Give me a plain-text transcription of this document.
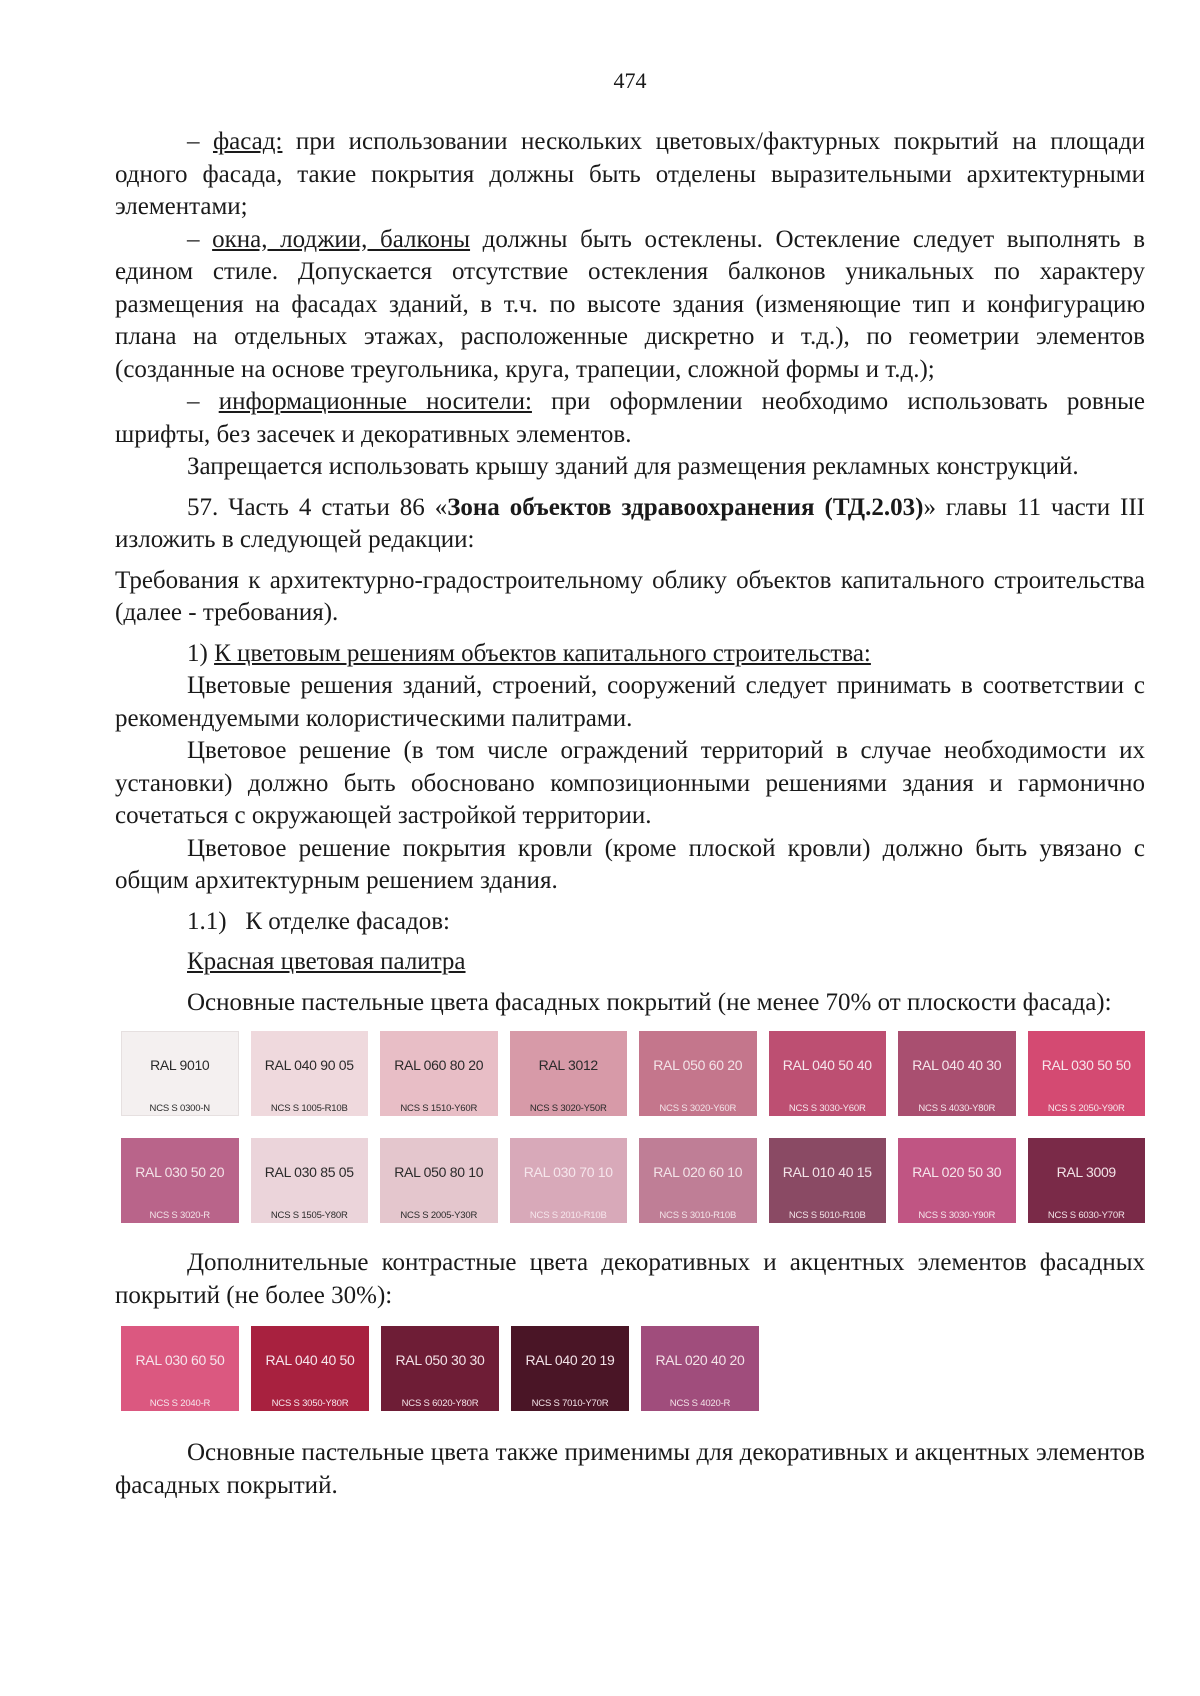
474

– фасад: при использовании нескольких цветовых/фактурных покрытий на площади одного фасада, такие покрытия должны быть отделены выразительными архитектурными элементами;

– окна, лоджии, балконы должны быть остеклены. Остекление следует выполнять в едином стиле. Допускается отсутствие остекления балконов уникальных по характеру размещения на фасадах зданий, в т.ч. по высоте здания (изменяющие тип и конфигурацию плана на отдельных этажах, расположенные дискретно и т.д.), по геометрии элементов (созданные на основе треугольника, круга, трапеции, сложной формы и т.д.);

– информационные носители: при оформлении необходимо использовать ровные шрифты, без засечек и декоративных элементов.

Запрещается использовать крышу зданий для размещения рекламных конструкций.

57. Часть 4 статьи 86 «Зона объектов здравоохранения (ТД.2.03)» главы 11 части III изложить в следующей редакции:

Требования к архитектурно-градостроительному облику объектов капитального строительства (далее - требования).

1) К цветовым решениям объектов капитального строительства:

Цветовые решения зданий, строений, сооружений следует принимать в соответствии с рекомендуемыми колористическими палитрами.

Цветовое решение (в том числе ограждений территорий в случае необходимости их установки) должно быть обосновано композиционными решениями здания и гармонично сочетаться с окружающей застройкой территории.

Цветовое решение покрытия кровли (кроме плоской кровли) должно быть увязано с общим архитектурным решением здания.

1.1)   К отделке фасадов:

Красная цветовая палитра

Основные пастельные цвета фасадных покрытий (не менее 70% от плоскости фасада):

RAL 9010
NCS S 0300-N
RAL 040 90 05
NCS S 1005-R10B
RAL 060 80 20
NCS S 1510-Y60R
RAL 3012
NCS S 3020-Y50R
RAL 050 60 20
NCS S 3020-Y60R
RAL 040 50 40
NCS S 3030-Y60R
RAL 040 40 30
NCS S 4030-Y80R
RAL 030 50 50
NCS S 2050-Y90R
RAL 030 50 20
NCS S 3020-R
RAL 030 85 05
NCS S 1505-Y80R
RAL 050 80 10
NCS S 2005-Y30R
RAL 030 70 10
NCS S 2010-R10B
RAL 020 60 10
NCS S 3010-R10B
RAL 010 40 15
NCS S 5010-R10B
RAL 020 50 30
NCS S 3030-Y90R
RAL 3009
NCS S 6030-Y70R

Дополнительные контрастные цвета декоративных и акцентных элементов фасадных покрытий (не более 30%):

RAL 030 60 50
NCS S 2040-R
RAL 040 40 50
NCS S 3050-Y80R
RAL 050 30 30
NCS S 6020-Y80R
RAL 040 20 19
NCS S 7010-Y70R
RAL 020 40 20
NCS S 4020-R

Основные пастельные цвета также применимы для декоративных и акцентных элементов фасадных покрытий.
